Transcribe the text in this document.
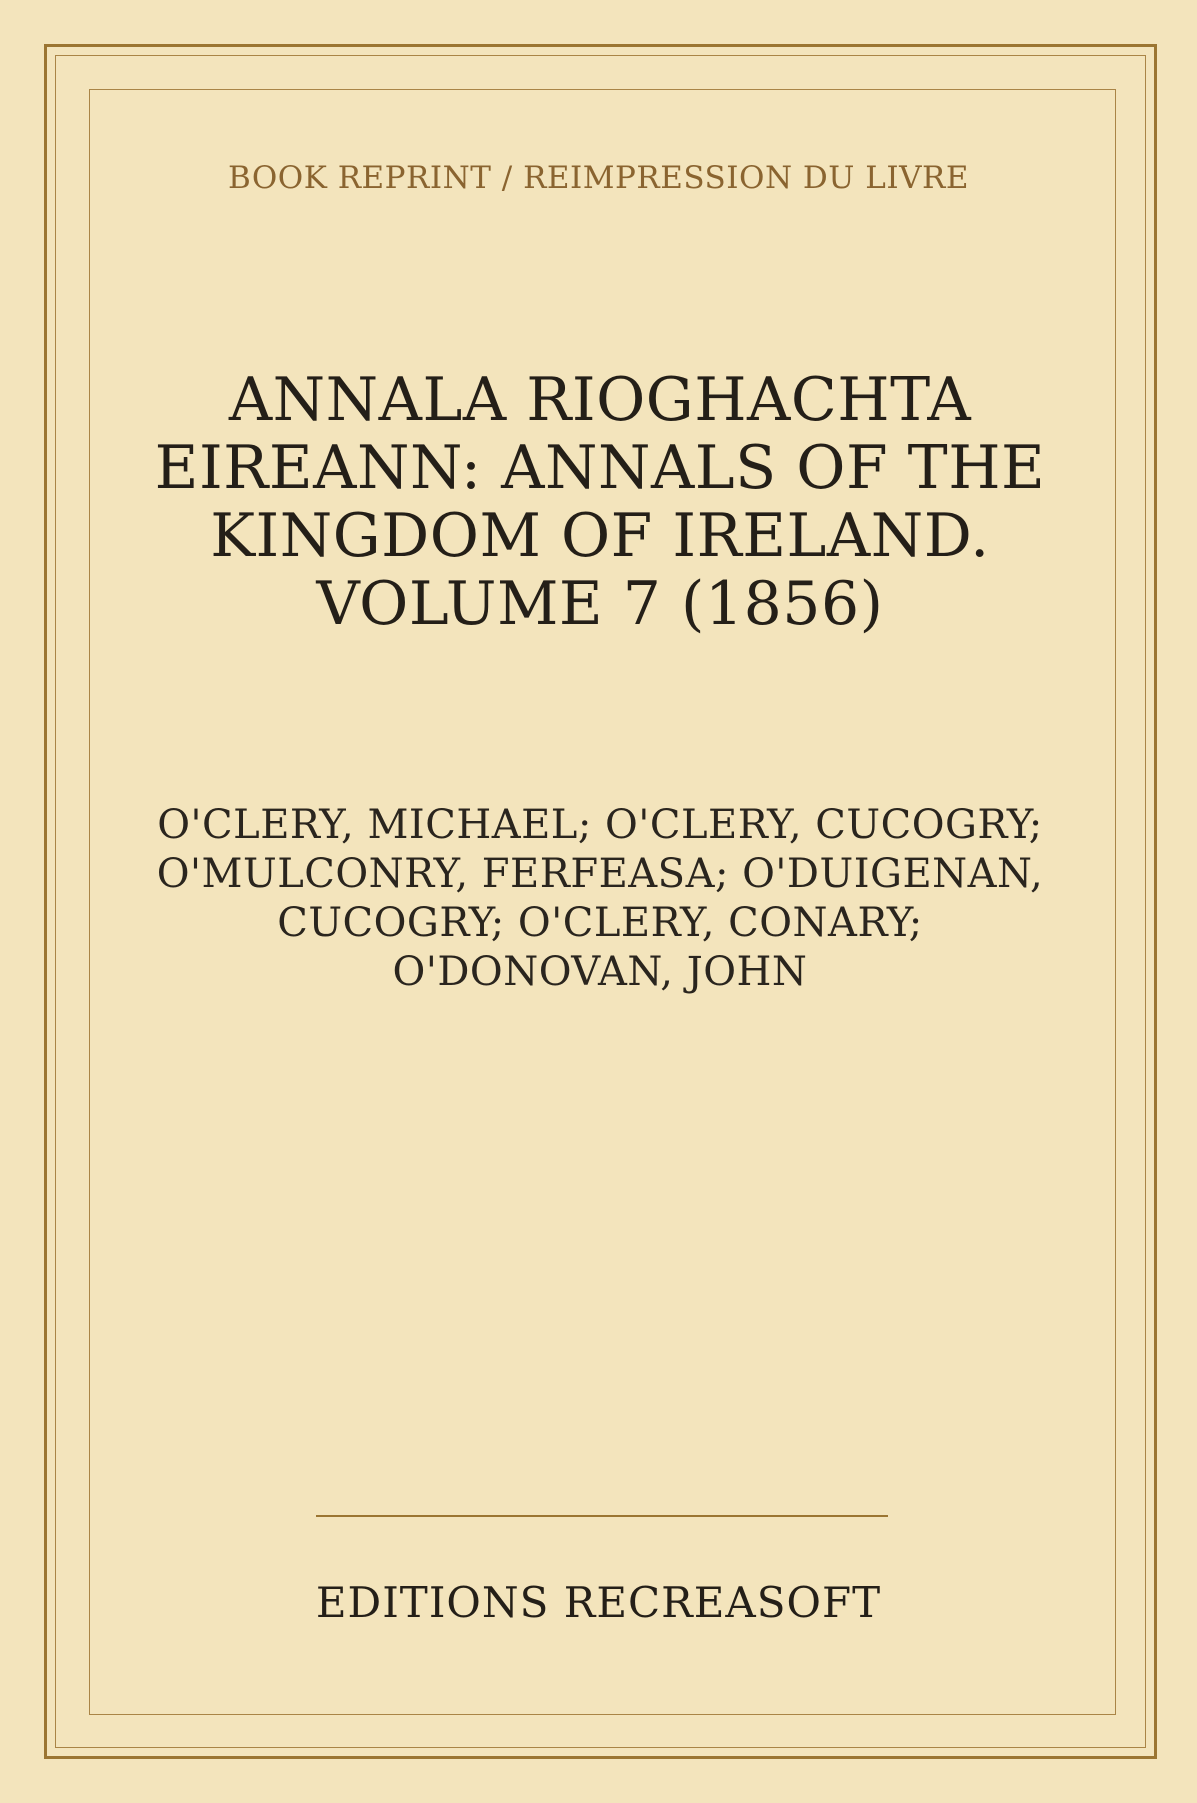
BOOK REPRINT / REIMPRESSION DU LIVRE
ANNALA RIOGHACHTA EIREANN: ANNALS OF THE KINGDOM OF IRELAND. VOLUME 7 (1856)
O'CLERY, MICHAEL; O'CLERY, CUCOGRY; O'MULCONRY, FERFEASA; O'DUIGENAN, CUCOGRY; O'CLERY, CONARY; O'DONOVAN, JOHN
EDITIONS RECREASOFT
